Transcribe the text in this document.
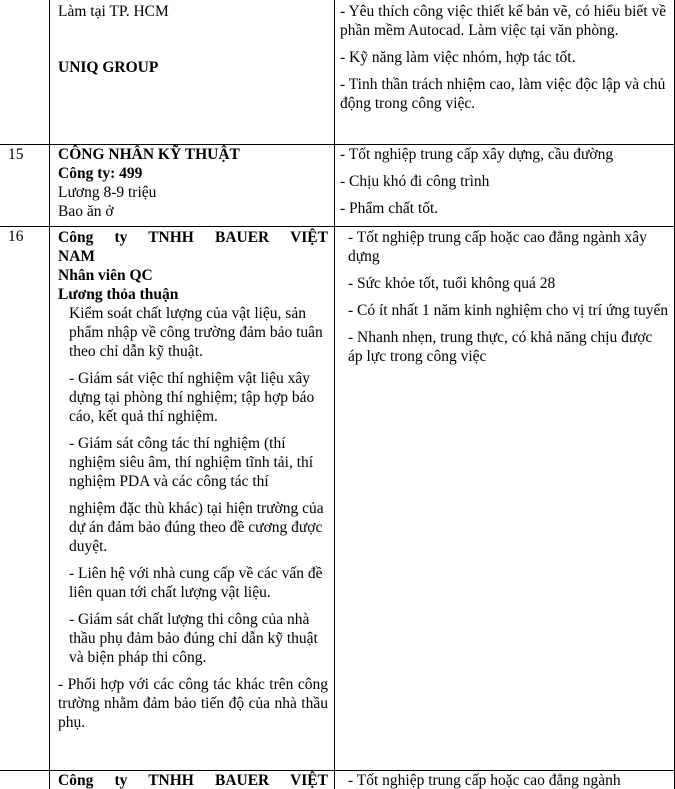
Làm tại TP. HCM

UNIQ GROUP

- Yêu thích công việc thiết kế bản vẽ, có hiểu biết về phần mềm Autocad. Làm việc tại văn phòng.

- Kỹ năng làm việc nhóm, hợp tác tốt.

- Tinh thần trách nhiệm cao, làm việc độc lập và chủ động trong công việc.

15 CÔNG NHÂN KỸ THUẬT

Công ty: 499

Lương 8-9 triệu

Bao ăn ở

- Tốt nghiệp trung cấp xây dựng, cầu đường

- Chịu khó đi công trình

- Phẩm chất tốt.

16 Công ty TNHH BAUER VIỆT

NAM

Nhân viên QC

Lương thỏa thuận

Kiểm soát chất lượng của vật liệu, sản phẩm nhập về công trường đảm bảo tuân theo chỉ dẫn kỹ thuật.

- Giám sát việc thí nghiệm vật liệu xây dựng tại phòng thí nghiệm; tập hợp báo cáo, kết quả thí nghiệm.

- Giám sát công tác thí nghiệm (thí nghiệm siêu âm, thí nghiệm tĩnh tải, thí nghiệm PDA và các công tác thí

nghiệm đặc thù khác) tại hiện trường của dự án đảm bảo đúng theo đề cương được duyệt.

- Liên hệ với nhà cung cấp về các vấn đề liên quan tới chất lượng vật liệu.

- Giám sát chất lượng thi công của nhà thầu phụ đảm bảo đúng chỉ dẫn kỹ thuật và biện pháp thi công.

- Phối hợp với các công tác khác trên công trường nhằm đảm bảo tiến độ của nhà thầu phụ.

- Tốt nghiệp trung cấp hoặc cao đẳng ngành xây dựng

- Sức khỏe tốt, tuổi không quá 28

- Có ít nhất 1 năm kinh nghiệm cho vị trí ứng tuyển

- Nhanh nhẹn, trung thực, có khả năng chịu được áp lực trong công việc

Công ty TNHH BAUER VIỆT	- Tốt nghiệp trung cấp hoặc cao đẳng ngành
